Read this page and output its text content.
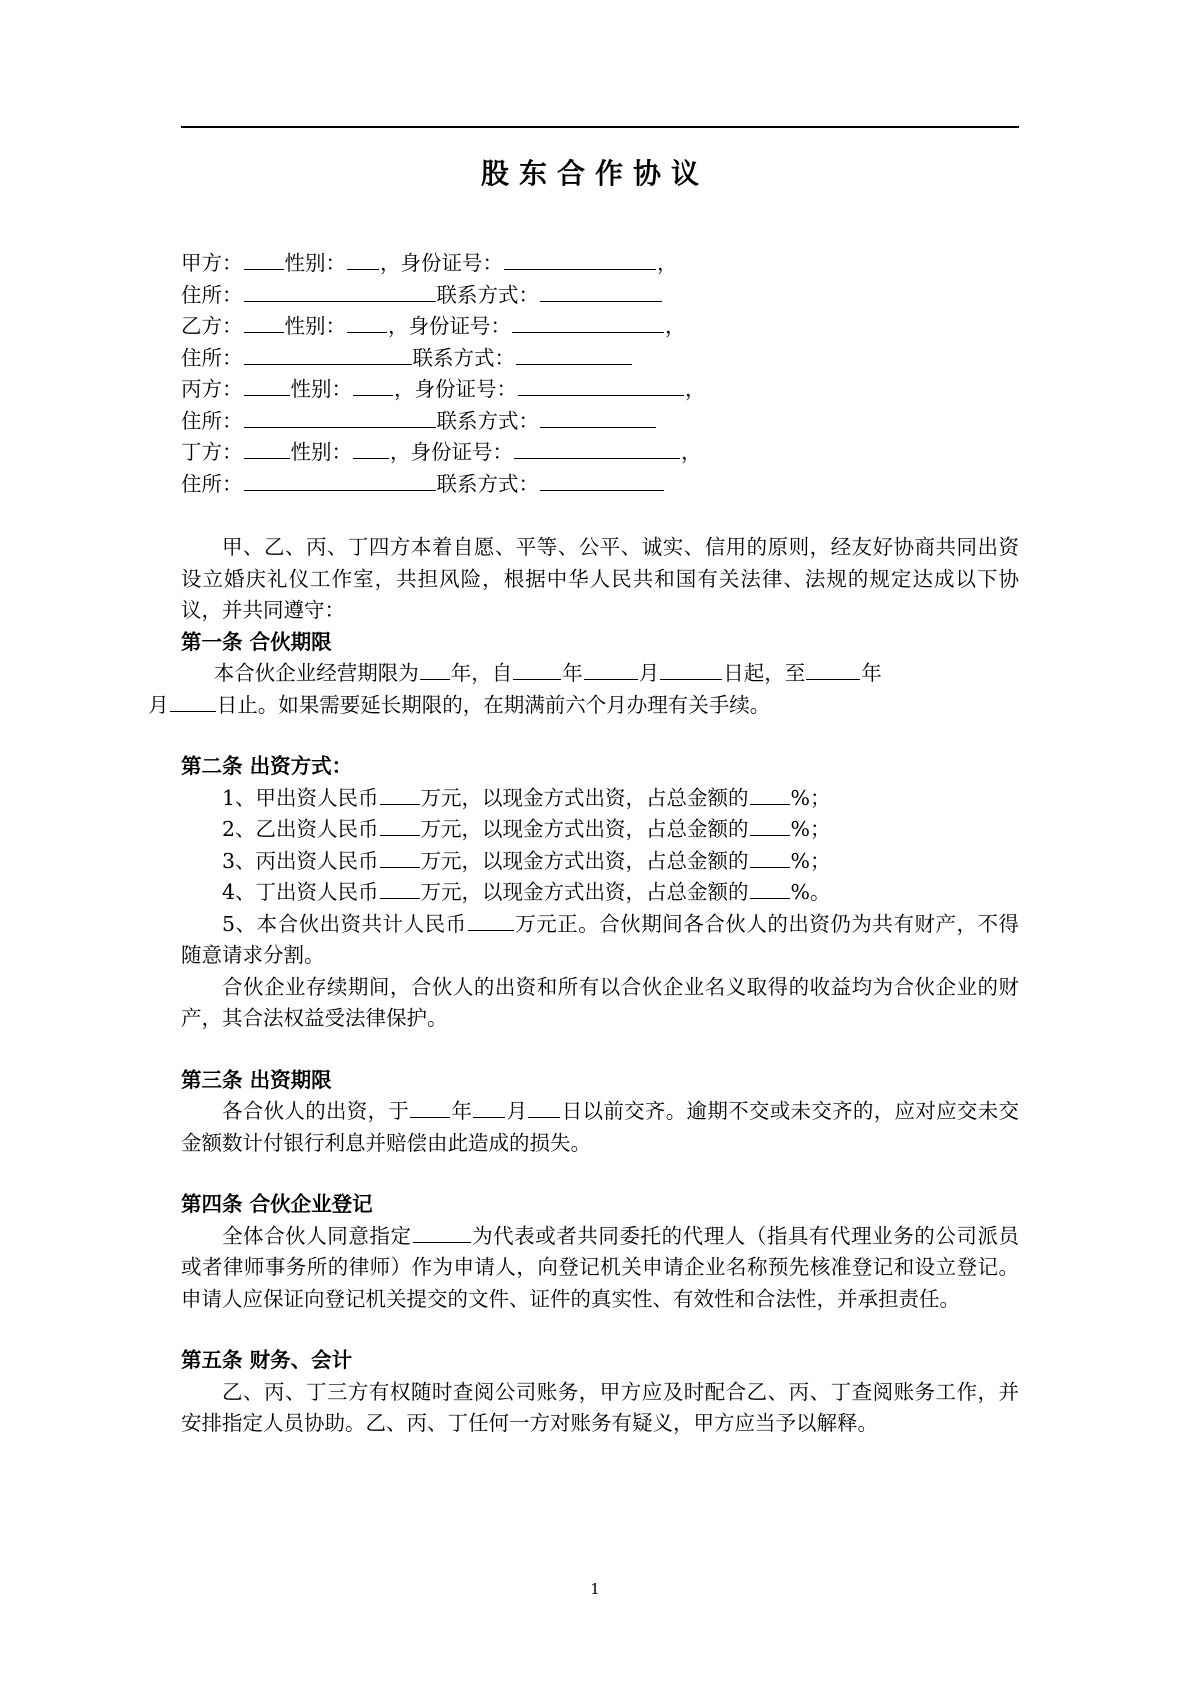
股东合作协议
甲方： 性别： ，身份证号：	，
住所：	联系方式：
乙方： 性别： ，身份证号：	，
住所：	联系方式：
丙方： 性别： ，身份证号：	，
住所：	联系方式：
丁方： 性别： ，身份证号：	，
住所：	联系方式：
甲、乙、丙、丁四方本着自愿、平等、公平、诚实、信用的原则，经友好协商共同出资设立婚庆礼仪工作室，共担风险，根据中华人民共和国有关法律、法规的规定达成以下协议，并共同遵守：
第一条 合伙期限
本合伙企业经营期限为 年，自 年	月	日起，至	年
月 日止。如果需要延长期限的，在期满前六个月办理有关手续。
第二条 出资方式：
1、甲出资人民币 万元，以现金方式出资，占总金额的 %；
2、乙出资人民币 万元，以现金方式出资，占总金额的 %；
3、丙出资人民币 万元，以现金方式出资，占总金额的 %；
4、丁出资人民币 万元，以现金方式出资，占总金额的 %。
5、本合伙出资共计人民币 万元正。合伙期间各合伙人的出资仍为共有财产，不得随意请求分割。
合伙企业存续期间，合伙人的出资和所有以合伙企业名义取得的收益均为合伙企业的财产，其合法权益受法律保护。
第三条 出资期限
各合伙人的出资，于 年 月 日以前交齐。逾期不交或未交齐的，应对应交未交金额数计付银行利息并赔偿由此造成的损失。
第四条 合伙企业登记
全体合伙人同意指定	为代表或者共同委托的代理人（指具有代理业务的公司派员或者律师事务所的律师）作为申请人，向登记机关申请企业名称预先核准登记和设立登记。申请人应保证向登记机关提交的文件、证件的真实性、有效性和合法性，并承担责任。
第五条 财务、会计
乙、丙、丁三方有权随时查阅公司账务，甲方应及时配合乙、丙、丁查阅账务工作，并安排指定人员协助。乙、丙、丁任何一方对账务有疑义，甲方应当予以解释。
1
